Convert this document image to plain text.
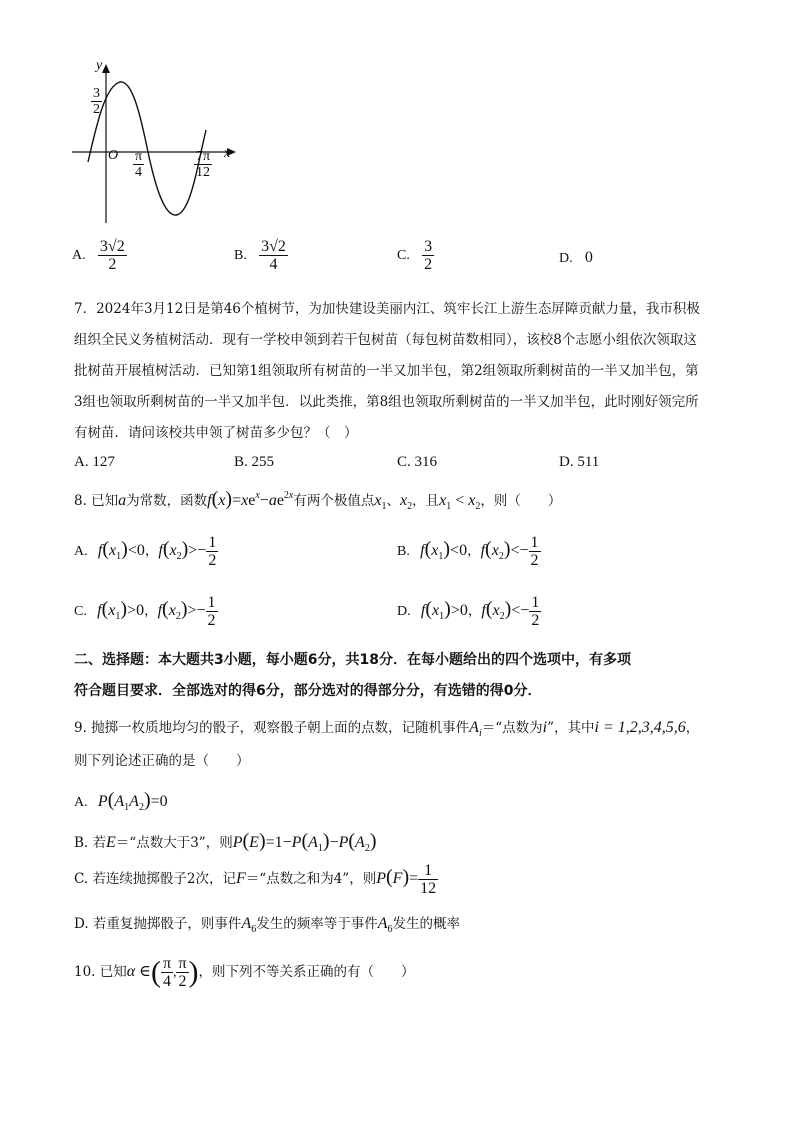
y
x
O
$\frac{3}{2}$
$\frac{\pi}{4}$	$\frac{7\pi}{12}$
A. $\frac{3√2}{2}$	B. $\frac{3√2}{4}$	C. $\frac{3}{2}$	D. 0
7．2024年3月12日是第46个植树节，为加快建设美丽内江、筑牢长江上游生态屏障贡献力量，我市积极
组织全民义务植树活动．现有一学校申领到若干包树苗（每包树苗数相同），该校8个志愿小组依次领取这
批树苗开展植树活动．已知第1组领取所有树苗的一半又加半包，第2组领取所剩树苗的一半又加半包，第
3组也领取所剩树苗的一半又加半包．以此类推，第8组也领取所剩树苗的一半又加半包，此时刚好领完所
有树苗．请问该校共申领了树苗多少包？（　）
A. 127	B. 255	C. 316	D. 511
8. 已知a为常数，函数$f(x)=xe^x-ae^{2x}$有两个极值点$x_1$、$x_2$，且$x_1 < x_2$，则（　　）
A. $f(x_1)<0$，$f(x_2)>- \frac{1}{2}$	B. $f(x_1)<0$，$f(x_2)<- \frac{1}{2}$
C. $f(x_1)>0$，$f(x_2)>- \frac{1}{2}$	D. $f(x_1)>0$，$f(x_2)<- \frac{1}{2}$
二、选择题：本大题共3小题，每小题6分，共18分．在每小题给出的四个选项中，有多项
符合题目要求．全部选对的得6分，部分选对的得部分分，有选错的得0分．
9. 抛掷一枚质地均匀的骰子，观察骰子朝上面的点数，记随机事件$A_i=“$点数为i”，其中i = 1,2,3,4,5,6，
则下列论述正确的是（　　）
A. $P(A_1A_2)=0$
B. 若E＝“点数大于3”，则$P(E)=1-P(A_1)-P(A_2)$
C. 若连续抛掷骰子2次，记F＝“点数之和为4”，则$P(F)= \frac{1}{12}$
D. 若重复抛掷骰子，则事件$A_6$发生的频率等于事件$A_6$发生的概率
10. 已知α ∈( $\frac{\pi}{4}$ , $\frac{\pi}{2}$ )，则下列不等关系正确的有（　　）
